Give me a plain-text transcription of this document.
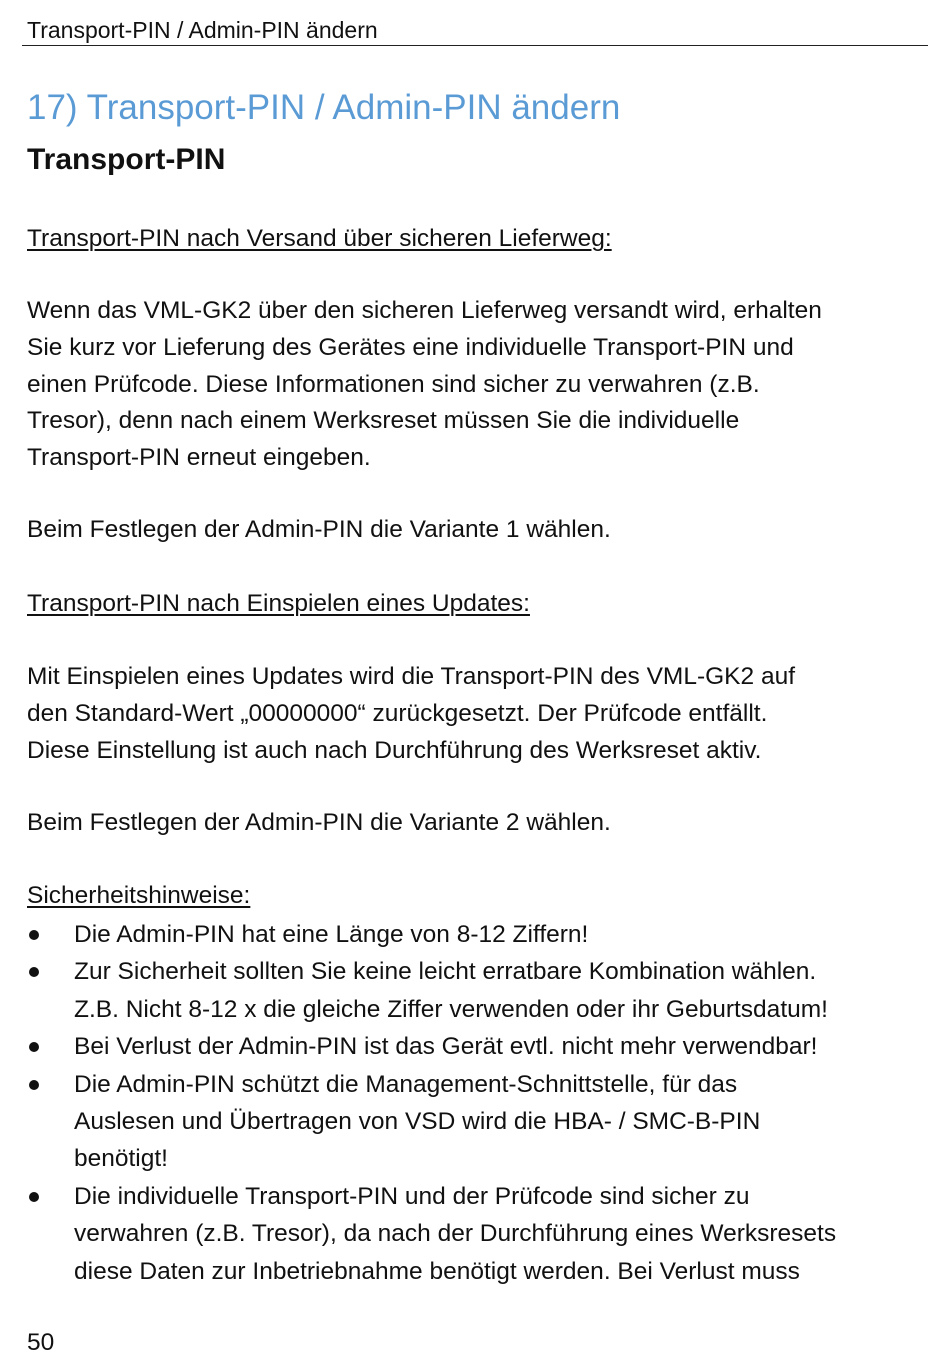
Transport-PIN / Admin-PIN ändern
17) Transport-PIN / Admin-PIN ändern
Transport-PIN

Transport-PIN nach Versand über sicheren Lieferweg:

Wenn das VML-GK2 über den sicheren Lieferweg versandt wird, erhalten
Sie kurz vor Lieferung des Gerätes eine individuelle Transport-PIN und
einen Prüfcode. Diese Informationen sind sicher zu verwahren (z.B.
Tresor), denn nach einem Werksreset müssen Sie die individuelle
Transport-PIN erneut eingeben.

Beim Festlegen der Admin-PIN die Variante 1 wählen.

Transport-PIN nach Einspielen eines Updates:

Mit Einspielen eines Updates wird die Transport-PIN des VML-GK2 auf
den Standard-Wert „00000000“ zurückgesetzt. Der Prüfcode entfällt.
Diese Einstellung ist auch nach Durchführung des Werksreset aktiv.

Beim Festlegen der Admin-PIN die Variante 2 wählen.

Sicherheitshinweise:

Die Admin-PIN hat eine Länge von 8-12 Ziffern!
Zur Sicherheit sollten Sie keine leicht erratbare Kombination wählen.
Z.B. Nicht 8-12 x die gleiche Ziffer verwenden oder ihr Geburtsdatum!
Bei Verlust der Admin-PIN ist das Gerät evtl. nicht mehr verwendbar!
Die Admin-PIN schützt die Management-Schnittstelle, für das
Auslesen und Übertragen von VSD wird die HBA- / SMC-B-PIN
benötigt!
Die individuelle Transport-PIN und der Prüfcode sind sicher zu
verwahren (z.B. Tresor), da nach der Durchführung eines Werksresets
diese Daten zur Inbetriebnahme benötigt werden. Bei Verlust muss
50
